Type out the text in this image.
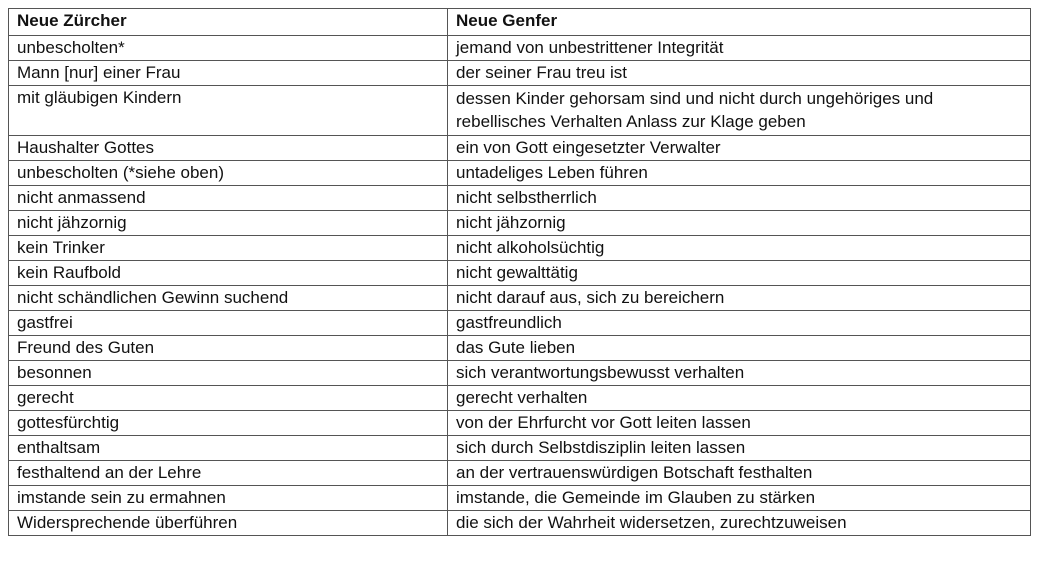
Neue Zürcher	Neue Genfer
unbescholten*	jemand von unbestrittener Integrität
Mann [nur] einer Frau	der seiner Frau treu ist
mit gläubigen Kindern	dessen Kinder gehorsam sind und nicht durch ungehöriges und rebellisches Verhalten Anlass zur Klage geben
Haushalter Gottes	ein von Gott eingesetzter Verwalter
unbescholten (*siehe oben)	untadeliges Leben führen
nicht anmassend	nicht selbstherrlich
nicht jähzornig	nicht jähzornig
kein Trinker	nicht alkoholsüchtig
kein Raufbold	nicht gewalttätig
nicht schändlichen Gewinn suchend	nicht darauf aus, sich zu bereichern
gastfrei	gastfreundlich
Freund des Guten	das Gute lieben
besonnen	sich verantwortungsbewusst verhalten
gerecht	gerecht verhalten
gottesfürchtig	von der Ehrfurcht vor Gott leiten lassen
enthaltsam	sich durch Selbstdisziplin leiten lassen
festhaltend an der Lehre	an der vertrauenswürdigen Botschaft festhalten
imstande sein zu ermahnen	imstande, die Gemeinde im Glauben zu stärken
Widersprechende überführen	die sich der Wahrheit widersetzen, zurechtzuweisen
